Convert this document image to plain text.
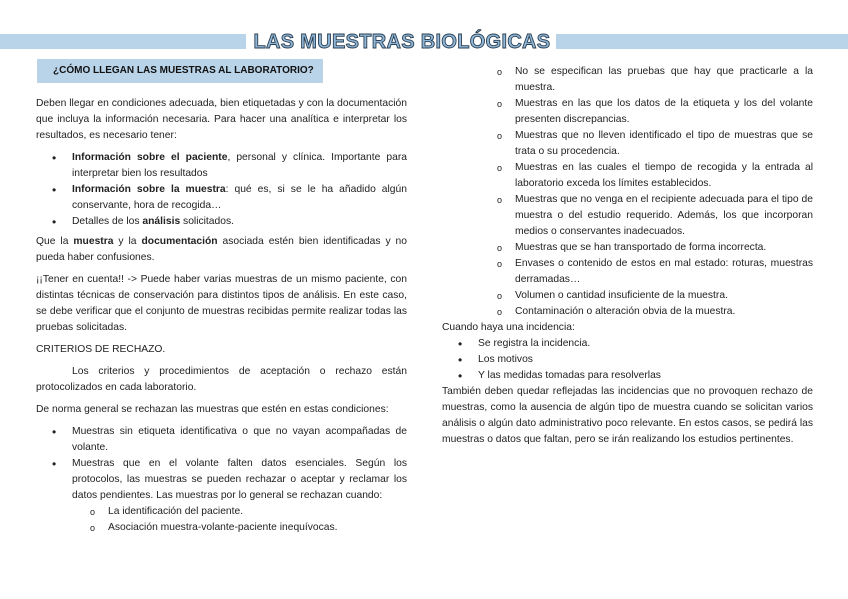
LAS MUESTRAS BIOLÓGICAS
¿CÓMO LLEGAN LAS MUESTRAS AL LABORATORIO?

Deben llegar en condiciones adecuada, bien etiquetadas y con la documentación que incluya la información necesaria. Para hacer una analítica e interpretar los resultados, es necesario tener:

• Información sobre el paciente, personal y clínica. Importante para interpretar bien los resultados
• Información sobre la muestra: qué es, si se le ha añadido algún conservante, hora de recogida…
• Detalles de los análisis solicitados.

Que la muestra y la documentación asociada estén bien identificadas y no pueda haber confusiones.

¡¡Tener en cuenta!! -> Puede haber varias muestras de un mismo paciente, con distintas técnicas de conservación para distintos tipos de análisis. En este caso, se debe verificar que el conjunto de muestras recibidas permite realizar todas las pruebas solicitadas.

CRITERIOS DE RECHAZO.

Los criterios y procedimientos de aceptación o rechazo están protocolizados en cada laboratorio.

De norma general se rechazan las muestras que estén en estas condiciones:

• Muestras sin etiqueta identificativa o que no vayan acompañadas de volante.
• Muestras que en el volante falten datos esenciales. Según los protocolos, las muestras se pueden rechazar o aceptar y reclamar los datos pendientes. Las muestras por lo general se rechazan cuando:
o La identificación del paciente.
o Asociación muestra-volante-paciente inequívocas.
o No se especifican las pruebas que hay que practicarle a la muestra.
o Muestras en las que los datos de la etiqueta y los del volante presenten discrepancias.
o Muestras que no lleven identificado el tipo de muestras que se trata o su procedencia.
o Muestras en las cuales el tiempo de recogida y la entrada al laboratorio exceda los límites establecidos.
o Muestras que no venga en el recipiente adecuada para el tipo de muestra o del estudio requerido. Además, los que incorporan medios o conservantes inadecuados.
o Muestras que se han transportado de forma incorrecta.
o Envases o contenido de estos en mal estado: roturas, muestras derramadas…
o Volumen o cantidad insuficiente de la muestra.
o Contaminación o alteración obvia de la muestra.

Cuando haya una incidencia:

• Se registra la incidencia.
• Los motivos
• Y las medidas tomadas para resolverlas

También deben quedar reflejadas las incidencias que no provoquen rechazo de muestras, como la ausencia de algún tipo de muestra cuando se solicitan varios análisis o algún dato administrativo poco relevante. En estos casos, se pedirá las muestras o datos que faltan, pero se irán realizando los estudios pertinentes.
